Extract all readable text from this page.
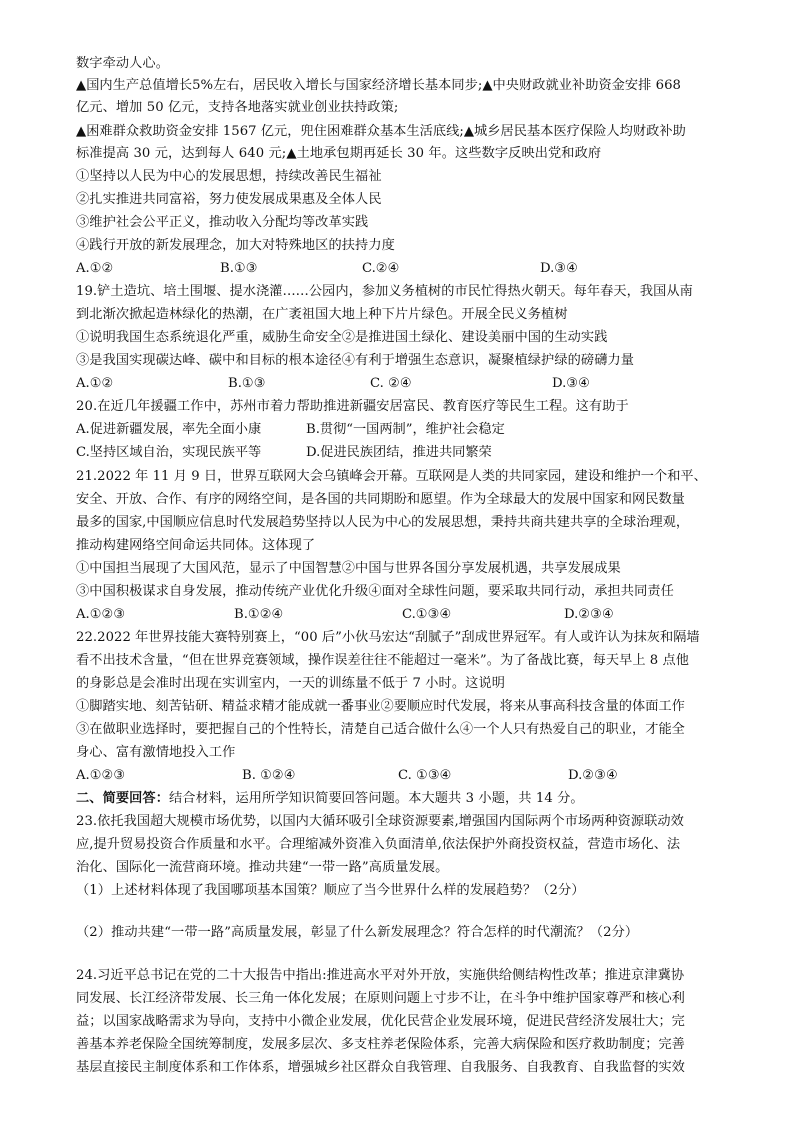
数字牵动人心。
▲国内生产总值增长5%左右，居民收入增长与国家经济增长基本同步;▲中央财政就业补助资金安排 668
亿元、增加 50 亿元，支持各地落实就业创业扶持政策;
▲困难群众救助资金安排 1567 亿元，兜住困难群众基本生活底线;▲城乡居民基本医疗保险人均财政补助
标准提高 30 元，达到每人 640 元;▲土地承包期再延长 30 年。这些数字反映出党和政府
①坚持以人民为中心的发展思想，持续改善民生福祉
②扎实推进共同富裕，努力使发展成果惠及全体人民
③维护社会公平正义，推动收入分配均等改革实践
④践行开放的新发展理念，加大对特殊地区的扶持力度
A.①②	B.①③	C.②④	D.③④
19.铲土造坑、培土围堰、提水浇灌……公园内，参加义务植树的市民忙得热火朝天。每年春天，我国从南
到北渐次掀起造林绿化的热潮，在广袤祖国大地上种下片片绿色。开展全民义务植树
①说明我国生态系统退化严重，威胁生命安全②是推进国土绿化、建设美丽中国的生动实践
③是我国实现碳达峰、碳中和目标的根本途径④有利于增强生态意识，凝聚植绿护绿的磅礴力量
A.①②	B.①③	C. ②④	D.③④
20.在近几年援疆工作中，苏州市着力帮助推进新疆安居富民、教育医疗等民生工程。这有助于
A.促进新疆发展，率先全面小康	B.贯彻“一国两制”，维护社会稳定
C.坚持区域自治，实现民族平等	D.促进民族团结，推进共同繁荣
21.2022 年 11 月 9 日，世界互联网大会乌镇峰会开幕。互联网是人类的共同家园，建设和维护一个和平、
安全、开放、合作、有序的网络空间，是各国的共同期盼和愿望。作为全球最大的发展中国家和网民数量
最多的国家,中国顺应信息时代发展趋势坚持以人民为中心的发展思想，秉持共商共建共享的全球治理观，
推动构建网络空间命运共同体。这体现了
①中国担当展现了大国风范，显示了中国智慧②中国与世界各国分享发展机遇，共享发展成果
③中国积极谋求自身发展，推动传统产业优化升级④面对全球性问题，要采取共同行动，承担共同责任
A.①②③	B.①②④	C.①③④	D.②③④
22.2022 年世界技能大赛特别赛上，“00 后”小伙马宏达“刮腻子”刮成世界冠军。有人或许认为抹灰和隔墙
看不出技术含量，“但在世界竞赛领域，操作误差往往不能超过一毫米”。为了备战比赛，每天早上 8 点他
的身影总是会准时出现在实训室内，一天的训练量不低于 7 小时。这说明
①脚踏实地、刻苦钻研、精益求精才能成就一番事业②要顺应时代发展，将来从事高科技含量的体面工作
③在做职业选择时，要把握自己的个性特长，清楚自己适合做什么④一个人只有热爱自己的职业，才能全
身心、富有激情地投入工作
A.①②③	B. ①②④	C. ①③④	D.②③④
二、简要回答：结合材料，运用所学知识简要回答问题。本大题共 3 小题，共 14 分。
23.依托我国超大规模市场优势，以国内大循环吸引全球资源要素,增强国内国际两个市场两种资源联动效
应,提升贸易投资合作质量和水平。合理缩减外资准入负面清单,依法保护外商投资权益，营造市场化、法
治化、国际化一流营商环境。推动共建“一带一路”高质量发展。
（1）上述材料体现了我国哪项基本国策？顺应了当今世界什么样的发展趋势？（2分）
（2）推动共建“一带一路”高质量发展，彰显了什么新发展理念？符合怎样的时代潮流？（2分）
24.习近平总书记在党的二十大报告中指出:推进高水平对外开放，实施供给侧结构性改革；推进京津冀协
同发展、长江经济带发展、长三角一体化发展；在原则问题上寸步不让，在斗争中维护国家尊严和核心利
益；以国家战略需求为导向，支持中小微企业发展，优化民营企业发展环境，促进民营经济发展壮大；完
善基本养老保险全国统筹制度，发展多层次、多支柱养老保险体系，完善大病保险和医疗救助制度；完善
基层直接民主制度体系和工作体系，增强城乡社区群众自我管理、自我服务、自我教育、自我监督的实效
